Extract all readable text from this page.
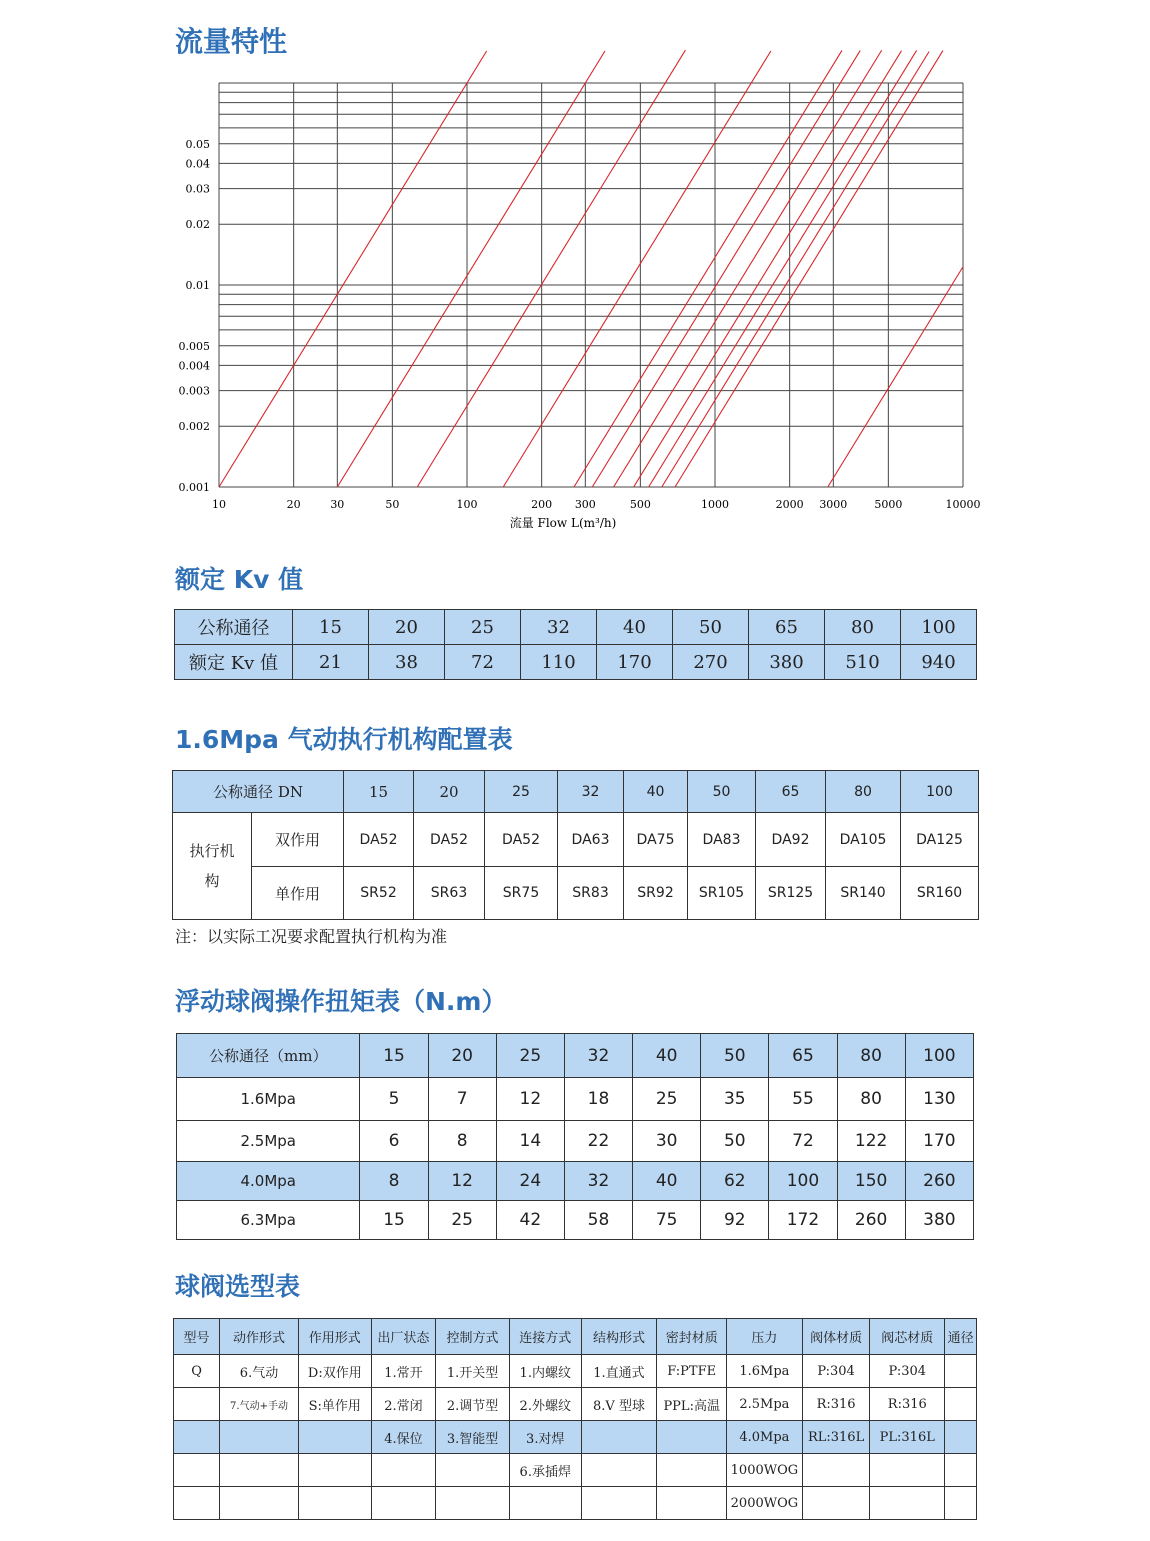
流量特性
额定 Kv 值
1.6Mpa 气动执行机构配置表
浮动球阀操作扭矩表（N.m）
球阀选型表
0.001
0.002
0.003
0.004
0.005
0.01
0.02
0.03
0.04
0.05
10	20	30	50	100	200 300	500	1000	2000 3000 5000	10000
流量 Flow L(m³/h)
公称通径	15	20	25	32	40	50	65	80	100
额定 Kv 值	21	38	72	110	170	270	380	510	940
公称通径 DN		15	20	25	32	40	50	65	80	100
执行机构	双作用	DA52	DA52	DA52	DA63	DA75	DA83	DA92	DA105	DA125
	单作用	SR52	SR63	SR75	SR83	SR92	SR105	SR125	SR140	SR160
注：以实际工况要求配置执行机构为准
公称通径（mm）	15	20	25	32	40	50	65	80	100
1.6Mpa	5	7	12	18	25	35	55	80	130
2.5Mpa	6	8	14	22	30	50	72	122	170
4.0Mpa	8	12	24	32	40	62	100	150	260
6.3Mpa	15	25	42	58	75	92	172	260	380
型号	动作形式	作用形式	出厂状态	控制方式	连接方式	结构形式	密封材质	压力	阀体材质	阀芯材质	通径
Q	6.气动	D:双作用	1.常开	1.开关型	1.内螺纹	1.直通式	F:PTFE	1.6Mpa	P:304	P:304	
	7.气动+手动	S:单作用	2.常闭	2.调节型	2.外螺纹	8.V 型球	PPL:高温	2.5Mpa	R:316	R:316	
			4.保位	3.智能型	3.对焊			4.0Mpa	RL:316L	PL:316L	
					6.承插焊			1000WOG			
								2000WOG			
